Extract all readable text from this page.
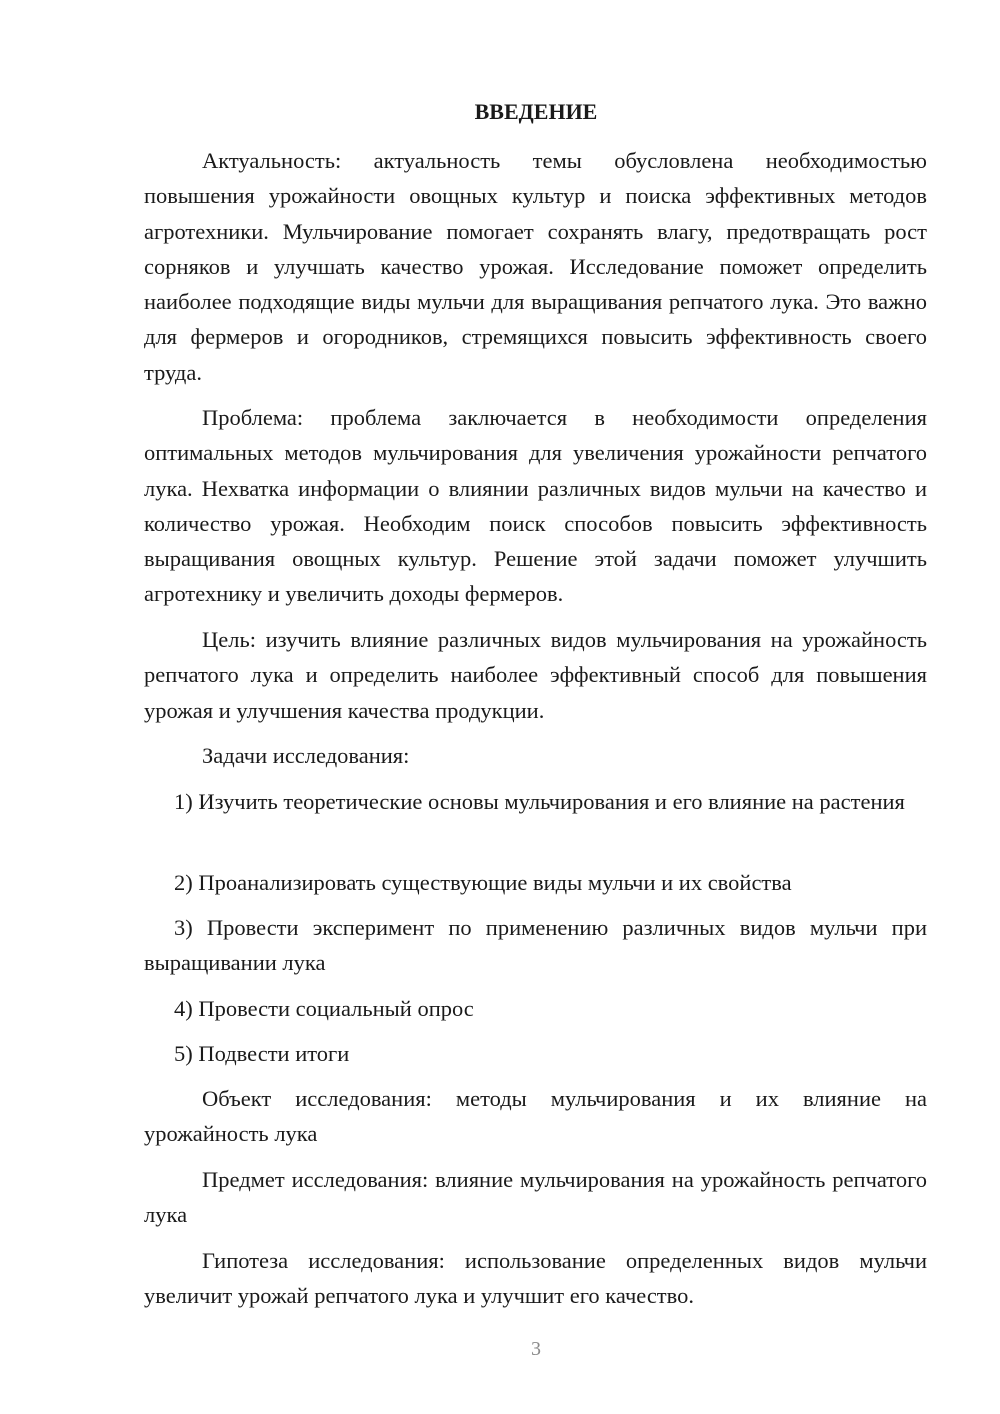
ВВЕДЕНИЕ

Актуальность: актуальность темы обусловлена необходимостью повышения урожайности овощных культур и поиска эффективных методов агротехники. Мульчирование помогает сохранять влагу, предотвращать рост сорняков и улучшать качество урожая. Исследование поможет определить наиболее подходящие виды мульчи для выращивания репчатого лука. Это важно для фермеров и огородников, стремящихся повысить эффективность своего труда.

Проблема: проблема заключается в необходимости определения оптимальных методов мульчирования для увеличения урожайности репчатого лука. Нехватка информации о влиянии различных видов мульчи на качество и количество урожая. Необходим поиск способов повысить эффективность выращивания овощных культур. Решение этой задачи поможет улучшить агротехнику и увеличить доходы фермеров.

Цель: изучить влияние различных видов мульчирования на урожайность репчатого лука и определить наиболее эффективный способ для повышения урожая и улучшения качества продукции.

Задачи исследования:

1) Изучить теоретические основы мульчирования и его влияние на растения

2) Проанализировать существующие виды мульчи и их свойства

3) Провести эксперимент по применению различных видов мульчи при выращивании лука

4) Провести социальный опрос

5) Подвести итоги

Объект исследования: методы мульчирования и их влияние на урожайность лука

Предмет исследования: влияние мульчирования на урожайность репчатого лука

Гипотеза исследования: использование определенных видов мульчи увеличит урожай репчатого лука и улучшит его качество.

3
